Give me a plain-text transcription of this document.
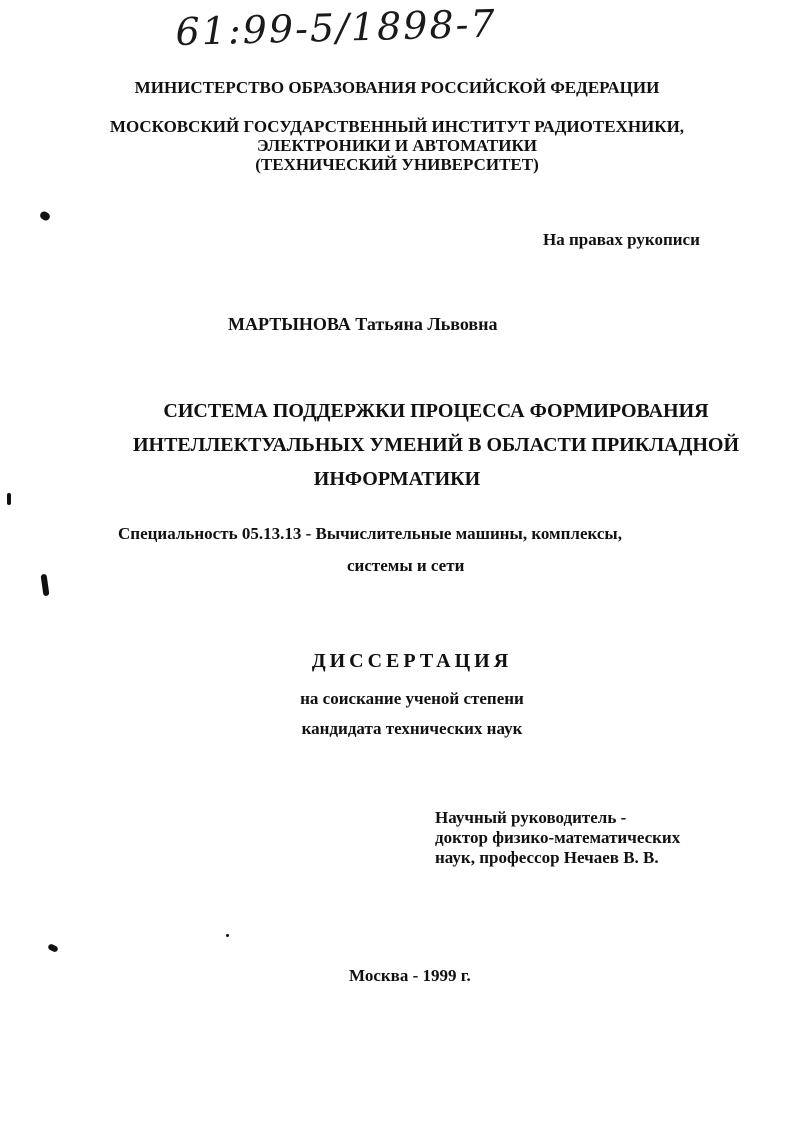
61:99-5/1898-7
МИНИСТЕРСТВО ОБРАЗОВАНИЯ РОССИЙСКОЙ ФЕДЕРАЦИИ
МОСКОВСКИЙ ГОСУДАРСТВЕННЫЙ ИНСТИТУТ РАДИОТЕХНИКИ,
ЭЛЕКТРОНИКИ И АВТОМАТИКИ
(ТЕХНИЧЕСКИЙ УНИВЕРСИТЕТ)
На правах рукописи
МАРТЫНОВА Татьяна Львовна
СИСТЕМА ПОДДЕРЖКИ ПРОЦЕССА ФОРМИРОВАНИЯ
ИНТЕЛЛЕКТУАЛЬНЫХ УМЕНИЙ В ОБЛАСТИ ПРИКЛАДНОЙ
ИНФОРМАТИКИ
Специальность 05.13.13 - Вычислительные машины, комплексы,
системы и сети
ДИССЕРТАЦИЯ
на соискание ученой степени
кандидата технических наук
Научный руководитель -
доктор физико-математических
наук, профессор Нечаев В. В.
Москва - 1999 г.
